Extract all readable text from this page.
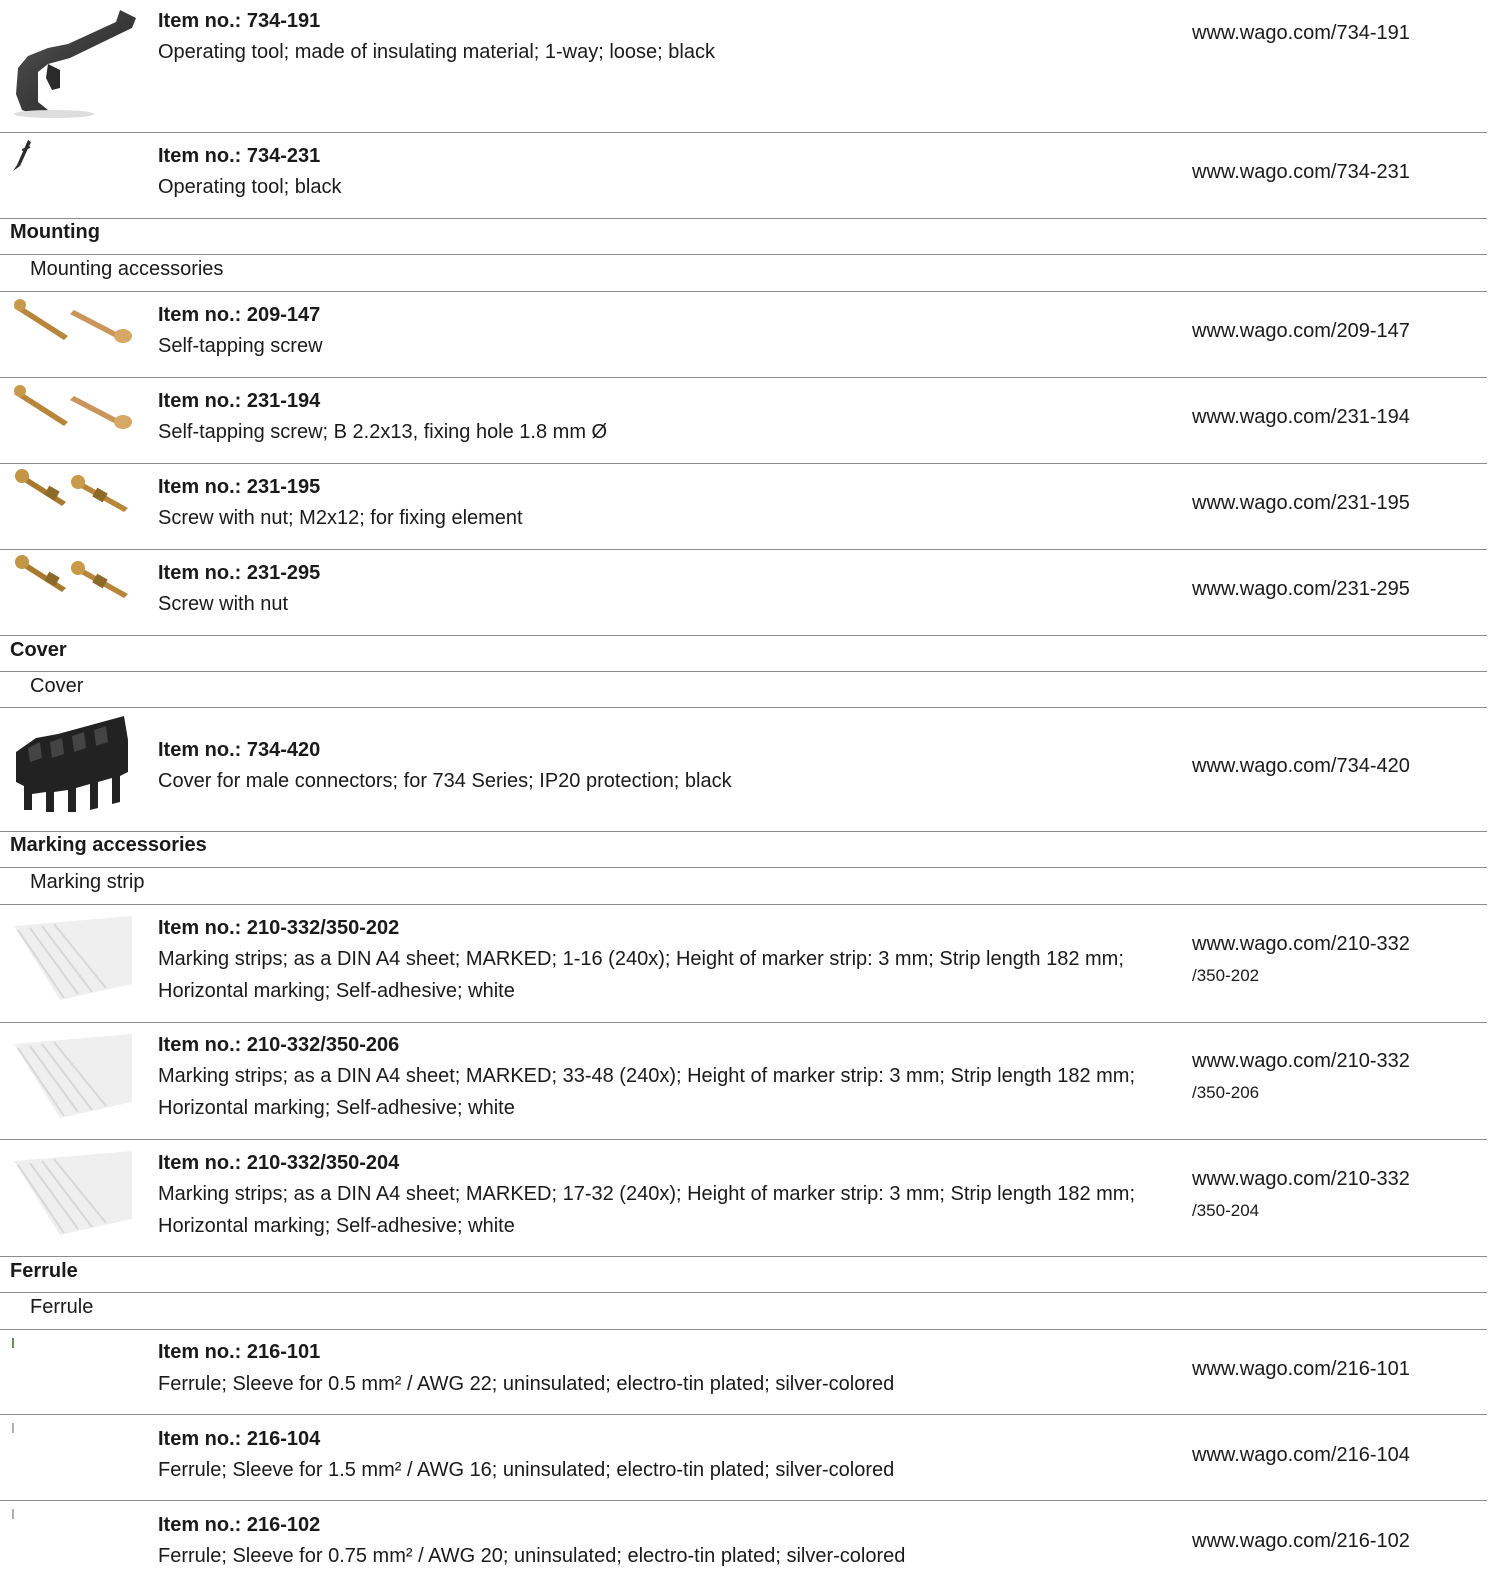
Item no.: 734-191
Operating tool; made of insulating material; 1-way; loose; black
www.wago.com/734-191
Item no.: 734-231
Operating tool; black
www.wago.com/734-231
Mounting
Mounting accessories
Item no.: 209-147
Self-tapping screw
www.wago.com/209-147
Item no.: 231-194
Self-tapping screw; B 2.2x13, fixing hole 1.8 mm Ø
www.wago.com/231-194
Item no.: 231-195
Screw with nut; M2x12; for fixing element
www.wago.com/231-195
Item no.: 231-295
Screw with nut
www.wago.com/231-295
Cover
Cover
Item no.: 734-420
Cover for male connectors; for 734 Series; IP20 protection; black
www.wago.com/734-420
Marking accessories
Marking strip
Item no.: 210-332/350-202
Marking strips; as a DIN A4 sheet; MARKED; 1-16 (240x); Height of marker strip: 3 mm; Strip length 182 mm; Horizontal marking; Self-adhesive; white
www.wago.com/210-332
/350-202
Item no.: 210-332/350-206
Marking strips; as a DIN A4 sheet; MARKED; 33-48 (240x); Height of marker strip: 3 mm; Strip length 182 mm; Horizontal marking; Self-adhesive; white
www.wago.com/210-332
/350-206
Item no.: 210-332/350-204
Marking strips; as a DIN A4 sheet; MARKED; 17-32 (240x); Height of marker strip: 3 mm; Strip length 182 mm; Horizontal marking; Self-adhesive; white
www.wago.com/210-332
/350-204
Ferrule
Ferrule
Item no.: 216-101
Ferrule; Sleeve for 0.5 mm² / AWG 22; uninsulated; electro-tin plated; silver-colored
www.wago.com/216-101
Item no.: 216-104
Ferrule; Sleeve for 1.5 mm² / AWG 16; uninsulated; electro-tin plated; silver-colored
www.wago.com/216-104
Item no.: 216-102
Ferrule; Sleeve for 0.75 mm² / AWG 20; uninsulated; electro-tin plated; silver-colored
www.wago.com/216-102
